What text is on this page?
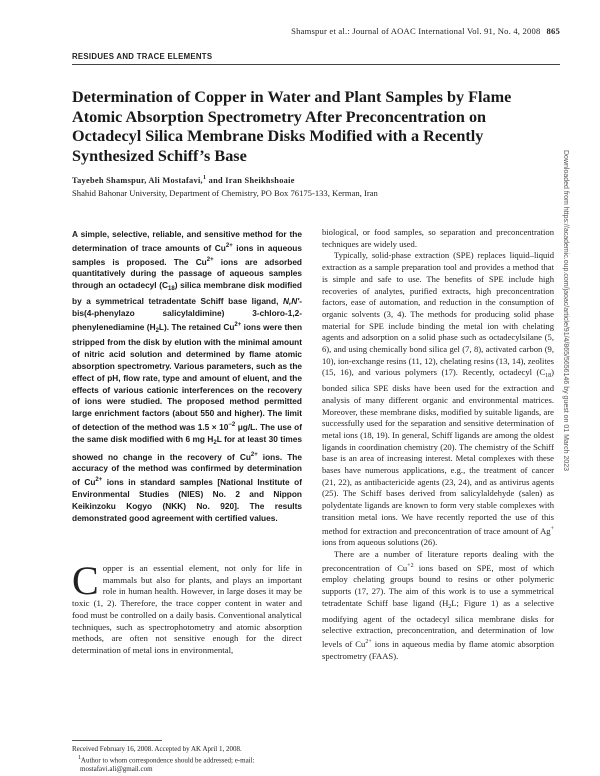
Shamspur et al.: Journal of AOAC International Vol. 91, No. 4, 2008 865
RESIDUES AND TRACE ELEMENTS
Determination of Copper in Water and Plant Samples by Flame Atomic Absorption Spectrometry After Preconcentration on Octadecyl Silica Membrane Disks Modified with a Recently Synthesized Schiff’s Base
Tayebeh Shamspur, Ali Mostafavi,$^1$ and Iran Sheikhshoaie
Shahid Bahonar University, Department of Chemistry, PO Box 76175-133, Kerman, Iran

A simple, selective, reliable, and sensitive method for the determination of trace amounts of $Cu^{2+}$ ions in aqueous samples is proposed. The $Cu^{2+}$ ions are adsorbed quantitatively during the passage of aqueous samples through an octadecyl $(C_{18})$ silica membrane disk modified by a symmetrical tetradentate Schiff base ligand, N,N′-bis(4-phenylazo salicylaldimine) 3-chloro-1,2-phenylenediamine $(H_2L)$. The retained $Cu^{2+}$ ions were then stripped from the disk by elution with the minimal amount of nitric acid solution and determined by flame atomic absorption spectrometry. Various parameters, such as the effect of pH, flow rate, type and amount of eluent, and the effects of various cationic interferences on the recovery of ions were studied. The proposed method permitted large enrichment factors (about 550 and higher). The limit of detection of the method was $1.5 \times 10^{-2}$ μg/L. The use of the same disk modified with 6 mg $H_2L$ for at least 30 times showed no change in the recovery of $Cu^{2+}$ ions. The accuracy of the method was confirmed by determination of $Cu^{2+}$ ions in standard samples [National Institute of Environmental Studies (NIES) No. 2 and Nippon Keikinzoku Kogyo (NKK) No. 920]. The results demonstrated good agreement with certified values.

Copper is an essential element, not only for life in mammals but also for plants, and plays an important role in human health. However, in large doses it may be toxic (1, 2). Therefore, the trace copper content in water and food must be controlled on a daily basis. Conventional analytical techniques, such as spectrophotometry and atomic absorption methods, are often not sensitive enough for the direct determination of metal ions in environmental,

Received February 16, 2008. Accepted by AK April 1, 2008.

$^1$Author to whom correspondence should be addressed; e-mail: mostafavi.ali@gmail.com

biological, or food samples, so separation and preconcentration techniques are widely used.

Typically, solid-phase extraction (SPE) replaces liquid–liquid extraction as a sample preparation tool and provides a method that is simple and safe to use. The benefits of SPE include high recoveries of analytes, purified extracts, high preconcentration factors, ease of automation, and reduction in the consumption of organic solvents (3, 4). The methods for producing solid phase material for SPE include binding the metal ion with chelating agents and adsorption on a solid phase such as octadecylsilane (5, 6), and using chemically bond silica gel (7, 8), activated carbon (9, 10), ion-exchange resins (11, 12), chelating resins (13, 14), zeolites (15, 16), and various polymers (17). Recently, octadecyl $(C_{18})$ bonded silica SPE disks have been used for the extraction and analysis of many different organic and environmental matrices. Moreover, these membrane disks, modified by suitable ligands, are successfully used for the separation and sensitive determination of metal ions (18, 19). In general, Schiff ligands are among the oldest ligands in coordination chemistry (20). The chemistry of the Schiff base is an area of increasing interest. Metal complexes with these bases have numerous applications, e.g., the treatment of cancer (21, 22), as antibactericide agents (23, 24), and as antivirus agents (25). The Schiff bases derived from salicylaldehyde (salen) as polydentate ligands are known to form very stable complexes with transition metal ions. We have recently reported the use of this method for extraction and preconcentration of trace amount of Ag+ ions from aqueous solutions (26).

There are a number of literature reports dealing with the preconcentration of $Cu^{+2}$ ions based on SPE, most of which employ chelating groups bound to resins or other polymeric supports (17, 27). The aim of this work is to use a symmetrical tetradentate Schiff base ligand ($H_2L$; Figure 1) as a selective modifying agent of the octadecyl silica membrane disks for selective extraction, preconcentration, and determination of low levels of $Cu^{2+}$ ions in aqueous media by flame atomic absorption spectrometry (FAAS).

Downloaded from https://academic.oup.com/jaoac/article/91/4/865/5656146 by guest on 01 March 2023
